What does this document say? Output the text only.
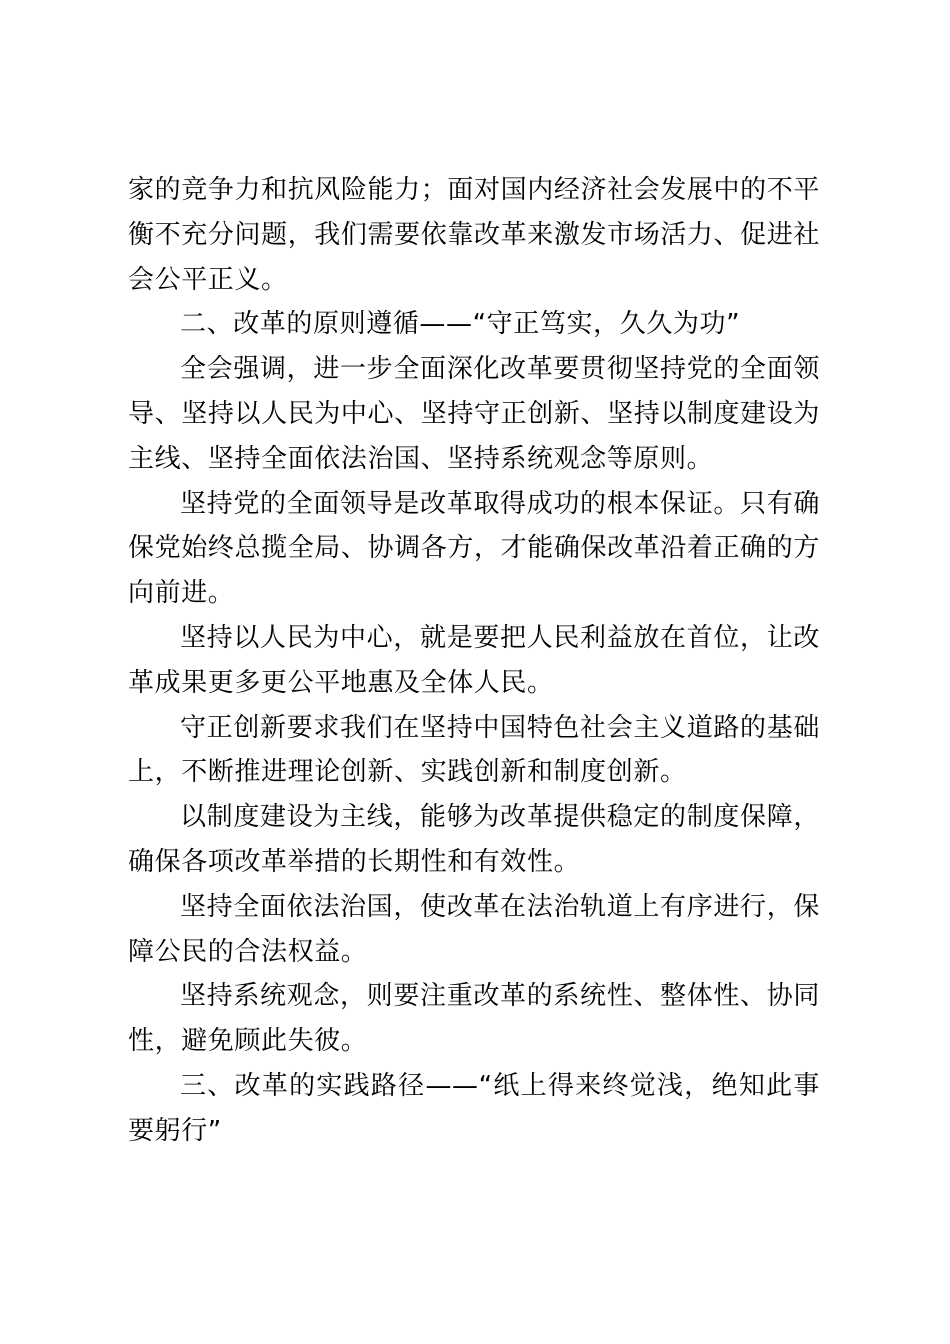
家的竞争力和抗风险能力；面对国内经济社会发展中的不平衡不充分问题，我们需要依靠改革来激发市场活力、促进社会公平正义。

二、改革的原则遵循——“守正笃实，久久为功”

全会强调，进一步全面深化改革要贯彻坚持党的全面领导、坚持以人民为中心、坚持守正创新、坚持以制度建设为主线、坚持全面依法治国、坚持系统观念等原则。

坚持党的全面领导是改革取得成功的根本保证。只有确保党始终总揽全局、协调各方，才能确保改革沿着正确的方向前进。

坚持以人民为中心，就是要把人民利益放在首位，让改革成果更多更公平地惠及全体人民。

守正创新要求我们在坚持中国特色社会主义道路的基础上，不断推进理论创新、实践创新和制度创新。

以制度建设为主线，能够为改革提供稳定的制度保障，确保各项改革举措的长期性和有效性。

坚持全面依法治国，使改革在法治轨道上有序进行，保障公民的合法权益。

坚持系统观念，则要注重改革的系统性、整体性、协同性，避免顾此失彼。

三、改革的实践路径——“纸上得来终觉浅，绝知此事要躬行”
